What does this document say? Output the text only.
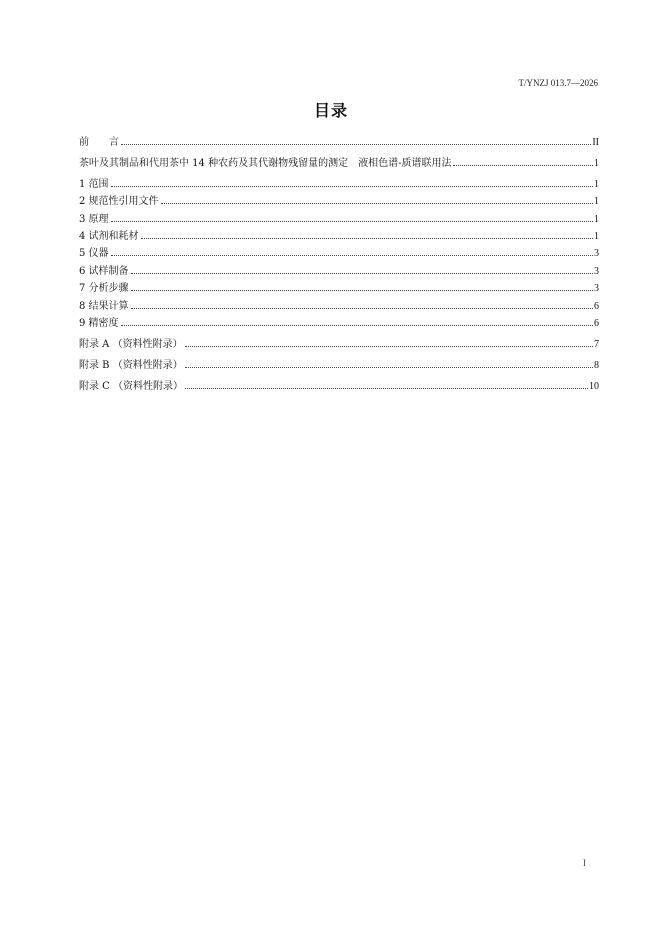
T/YNZJ 013.7—2026
目录
前　　言	II
茶叶及其制品和代用茶中 14 种农药及其代谢物残留量的测定　液相色谱-质谱联用法	1
1 范围	1
2 规范性引用文件	1
3 原理	1
4 试剂和耗材	1
5 仪器	3
6 试样制备	3
7 分析步骤	3
8 结果计算	6
9 精密度	6
附录 A （资料性附录）	7
附录 B （资料性附录）	8
附录 C （资料性附录）	10
I
